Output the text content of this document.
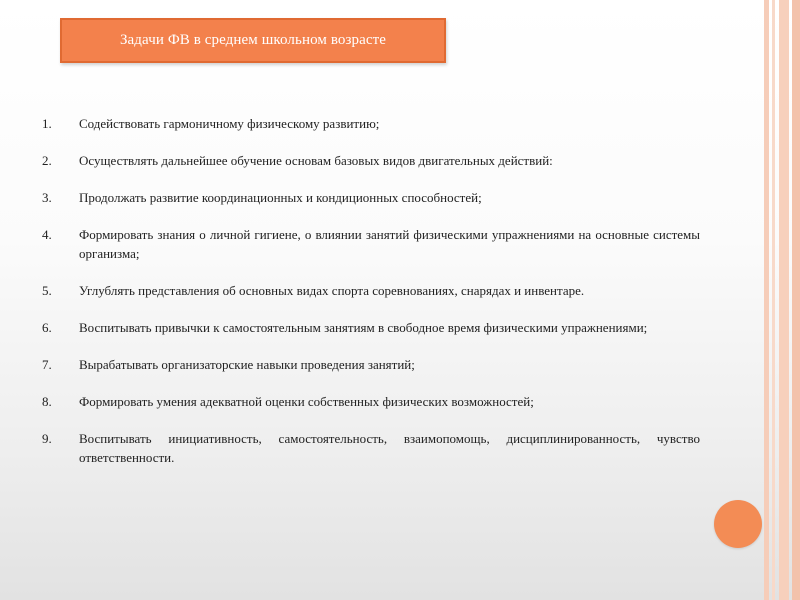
Задачи ФВ в среднем школьном возрасте
1. Содействовать гармоничному физическому развитию;
2. Осуществлять дальнейшее обучение основам базовых видов двигательных действий:
3. Продолжать развитие координационных и кондиционных способностей;
4. Формировать знания о личной гигиене, о влиянии занятий физическими упражнениями на основные системы организма;
5. Углублять представления об основных видах спорта соревнованиях, снарядах и инвентаре.
6. Воспитывать привычки к самостоятельным занятиям в свободное время физическими упражнениями;
7. Вырабатывать организаторские навыки проведения занятий;
8. Формировать умения адекватной оценки собственных физических возможностей;
9. Воспитывать инициативность, самостоятельность, взаимопомощь, дисциплинированность, чувство ответственности.
